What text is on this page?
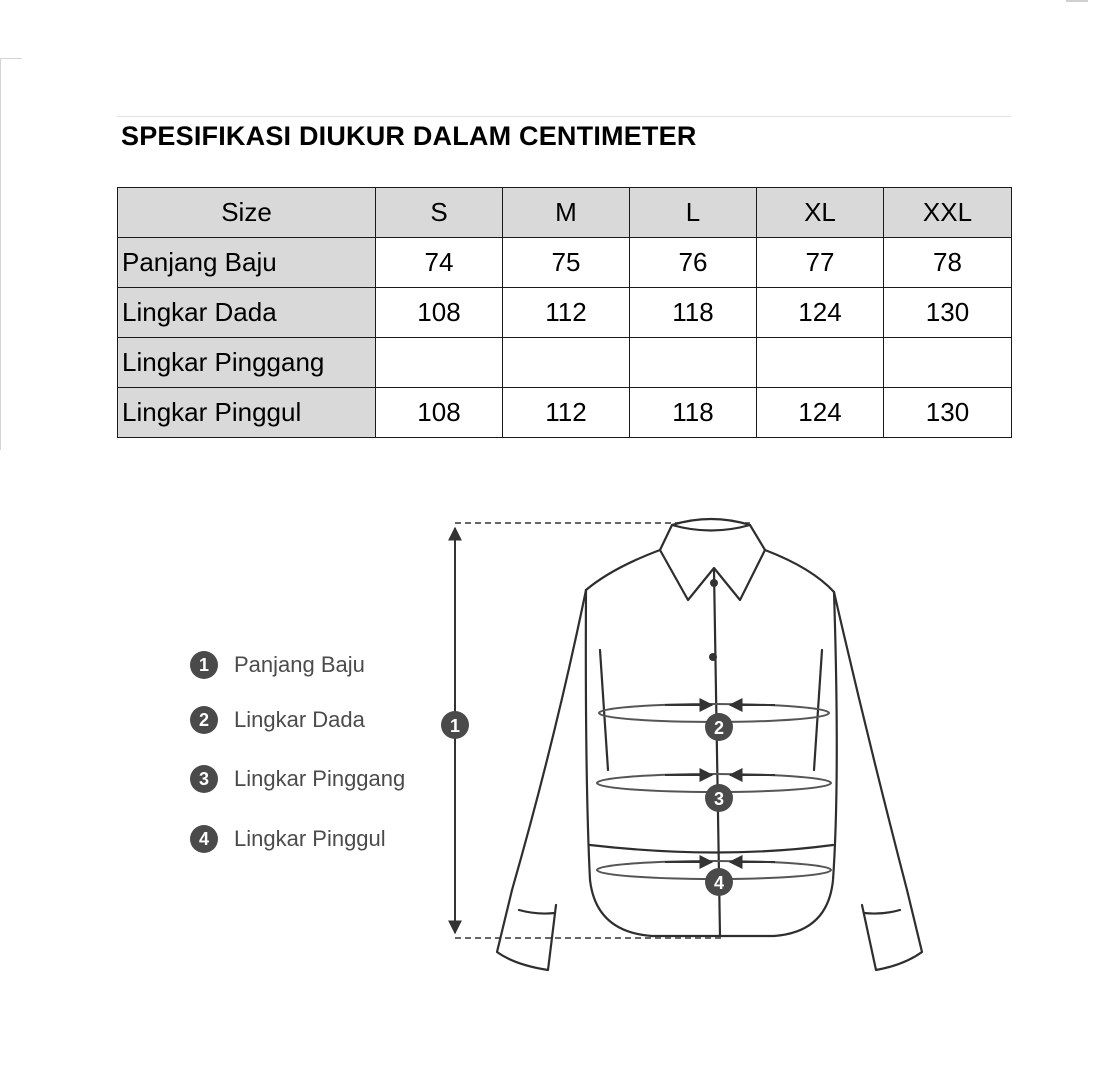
SPESIFIKASI DIUKUR DALAM CENTIMETER
Size	S	M	L	XL	XXL
Panjang Baju	74	75	76	77	78
Lingkar Dada	108	112	118	124	130
Lingkar Pinggang					
Lingkar Pinggul	108	112	118	124	130
1	Panjang Baju
2	Lingkar Dada
3	Lingkar Pinggang
4	Lingkar Pinggul
1	2
3
4
